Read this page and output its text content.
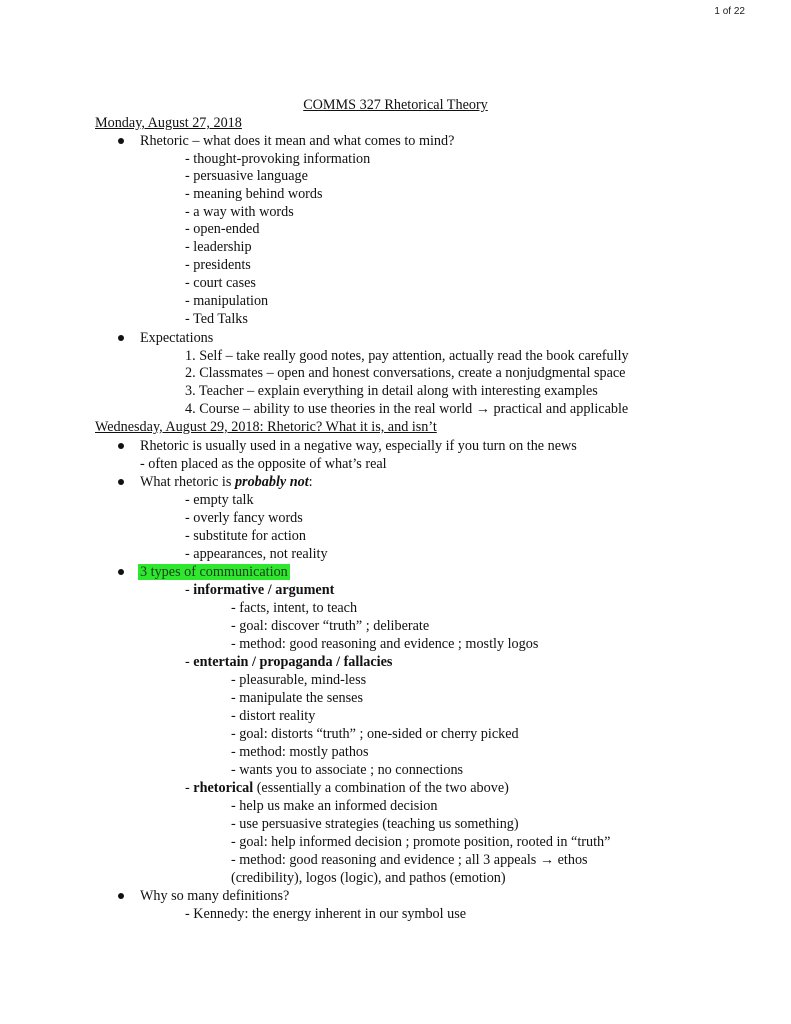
1 of 22
COMMS 327 Rhetorical Theory
Monday, August 27, 2018
Rhetoric – what does it mean and what comes to mind?
- thought-provoking information
- persuasive language
- meaning behind words
- a way with words
- open-ended
- leadership
- presidents
- court cases
- manipulation
- Ted Talks
Expectations
1. Self – take really good notes, pay attention, actually read the book carefully
2. Classmates – open and honest conversations, create a nonjudgmental space
3. Teacher – explain everything in detail along with interesting examples
4. Course – ability to use theories in the real world → practical and applicable
Wednesday, August 29, 2018: Rhetoric? What it is, and isn’t
Rhetoric is usually used in a negative way, especially if you turn on the news
- often placed as the opposite of what’s real
What rhetoric is probably not:
- empty talk
- overly fancy words
- substitute for action
- appearances, not reality
3 types of communication
- informative / argument
- facts, intent, to teach
- goal: discover “truth” ; deliberate
- method: good reasoning and evidence ; mostly logos
- entertain / propaganda / fallacies
- pleasurable, mind-less
- manipulate the senses
- distort reality
- goal: distorts “truth” ; one-sided or cherry picked
- method: mostly pathos
- wants you to associate ; no connections
- rhetorical (essentially a combination of the two above)
- help us make an informed decision
- use persuasive strategies (teaching us something)
- goal: help informed decision ; promote position, rooted in “truth”
- method: good reasoning and evidence ; all 3 appeals → ethos
(credibility), logos (logic), and pathos (emotion)
Why so many definitions?
- Kennedy: the energy inherent in our symbol use
